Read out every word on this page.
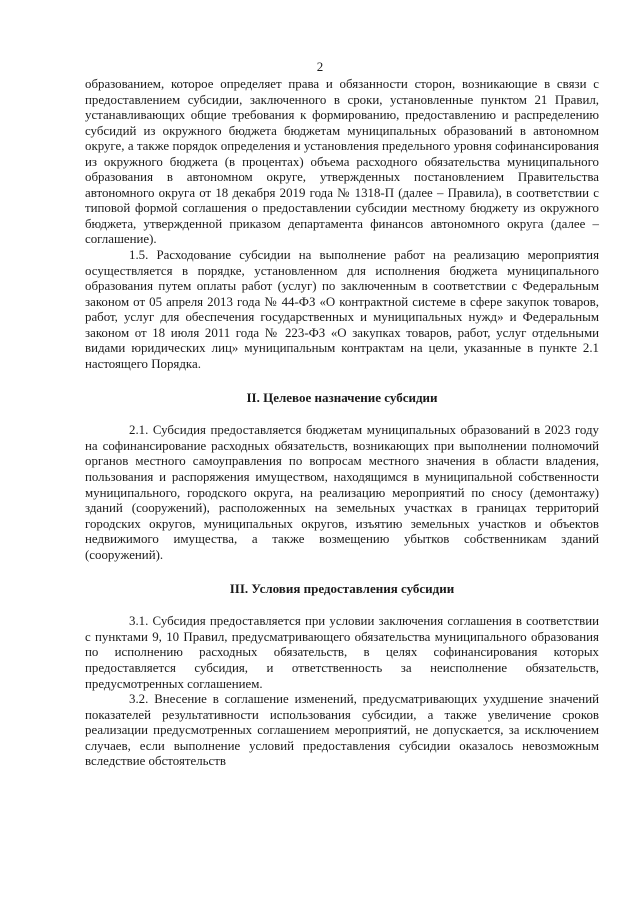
2

образованием, которое определяет права и обязанности сторон, возникающие в связи с предоставлением субсидии, заключенного в сроки, установленные пунктом 21 Правил, устанавливающих общие требования к формированию, предоставлению и распределению субсидий из окружного бюджета бюджетам муниципальных образований в автономном округе, а также порядок определения и установления предельного уровня софинансирования из окружного бюджета (в процентах) объема расходного обязательства муниципального образования в автономном округе, утвержденных постановлением Правительства автономного округа от 18 декабря 2019 года № 1318-П (далее – Правила), в соответствии с типовой формой соглашения о предоставлении субсидии местному бюджету из окружного бюджета, утвержденной приказом департамента финансов автономного округа (далее – соглашение).

1.5. Расходование субсидии на выполнение работ на реализацию мероприятия осуществляется в порядке, установленном для исполнения бюджета муниципального образования путем оплаты работ (услуг) по заключенным в соответствии с Федеральным законом от 05 апреля 2013 года № 44-ФЗ «О контрактной системе в сфере закупок товаров, работ, услуг для обеспечения государственных и муниципальных нужд» и Федеральным законом от 18 июля 2011 года № 223-ФЗ «О закупках товаров, работ, услуг отдельными видами юридических лиц» муниципальным контрактам на цели, указанные в пункте 2.1 настоящего Порядка.

II. Целевое назначение субсидии

2.1. Субсидия предоставляется бюджетам муниципальных образований в 2023 году на софинансирование расходных обязательств, возникающих при выполнении полномочий органов местного самоуправления по вопросам местного значения в области владения, пользования и распоряжения имуществом, находящимся в муниципальной собственности муниципального, городского округа, на реализацию мероприятий по сносу (демонтажу) зданий (сооружений), расположенных на земельных участках в границах территорий городских округов, муниципальных округов, изъятию земельных участков и объектов недвижимого имущества, а также возмещению убытков собственникам зданий (сооружений).

III. Условия предоставления субсидии

3.1. Субсидия предоставляется при условии заключения соглашения в соответствии с пунктами 9, 10 Правил, предусматривающего обязательства муниципального образования по исполнению расходных обязательств, в целях софинансирования которых предоставляется субсидия, и ответственность за неисполнение обязательств, предусмотренных соглашением.

3.2. Внесение в соглашение изменений, предусматривающих ухудшение значений показателей результативности использования субсидии, а также увеличение сроков реализации предусмотренных соглашением мероприятий, не допускается, за исключением случаев, если выполнение условий предоставления субсидии оказалось невозможным вследствие обстоятельств
